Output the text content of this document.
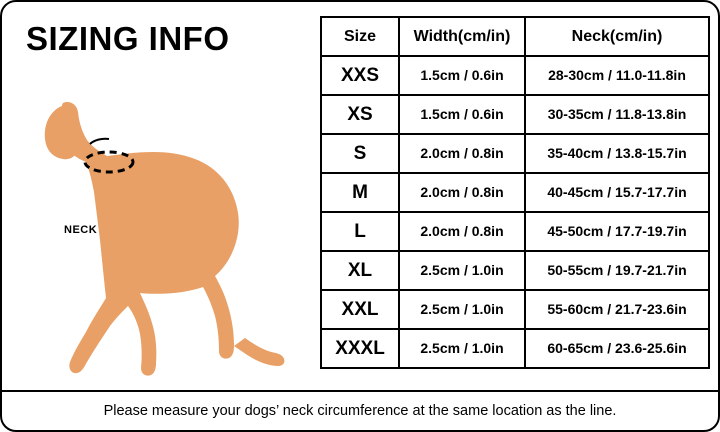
SIZING INFO
NECK
Size	Width(cm/in)	Neck(cm/in)
XXS	1.5cm / 0.6in	28-30cm / 11.0-11.8in
XS	1.5cm / 0.6in	30-35cm / 11.8-13.8in
S	2.0cm / 0.8in	35-40cm / 13.8-15.7in
M	2.0cm / 0.8in	40-45cm / 15.7-17.7in
L	2.0cm / 0.8in	45-50cm / 17.7-19.7in
XL	2.5cm / 1.0in	50-55cm / 19.7-21.7in
XXL	2.5cm / 1.0in	55-60cm / 21.7-23.6in
XXXL	2.5cm / 1.0in	60-65cm / 23.6-25.6in
Please measure your dogs’ neck circumference at the same location as the line.
